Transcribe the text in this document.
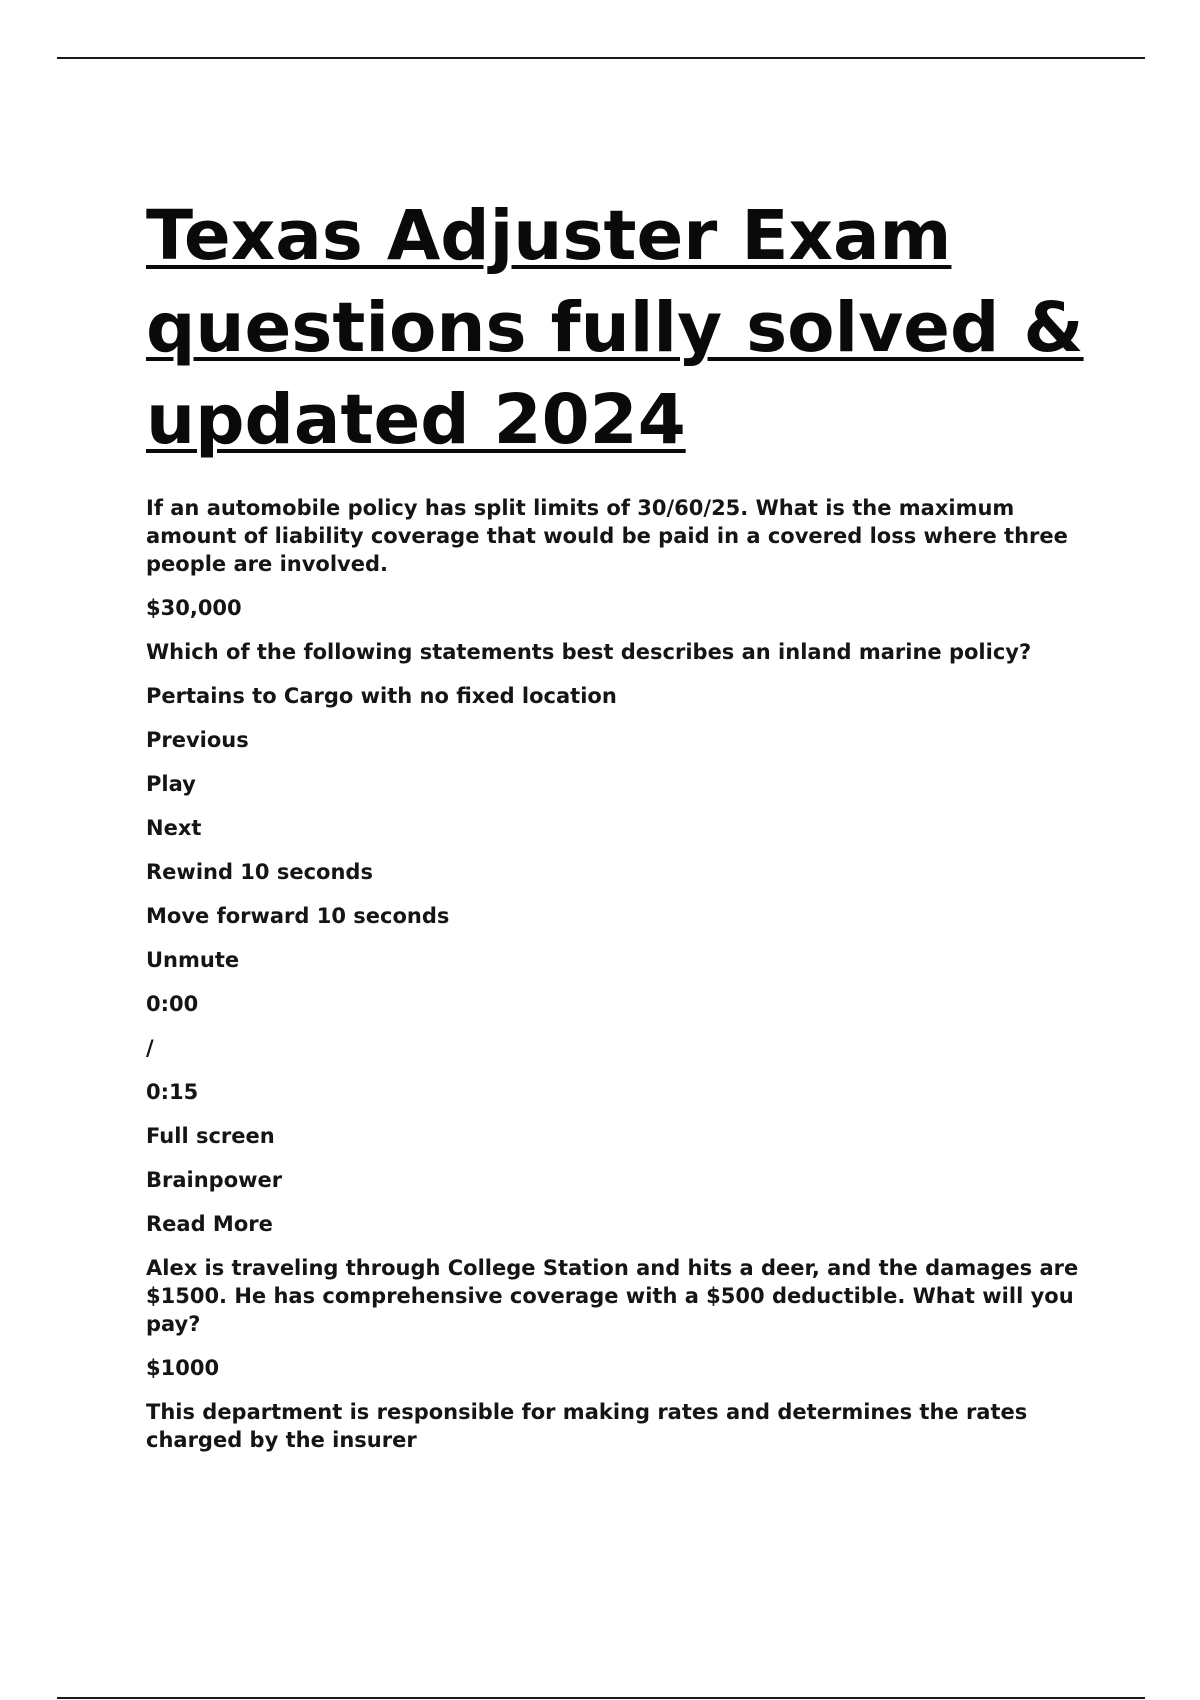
Texas Adjuster Exam questions fully solved & updated 2024

If an automobile policy has split limits of 30/60/25. What is the maximum amount of liability coverage that would be paid in a covered loss where three people are involved.

$30,000

Which of the following statements best describes an inland marine policy?

Pertains to Cargo with no fixed location

Previous

Play

Next

Rewind 10 seconds

Move forward 10 seconds

Unmute

0:00

/

0:15

Full screen

Brainpower

Read More

Alex is traveling through College Station and hits a deer, and the damages are $1500. He has comprehensive coverage with a $500 deductible. What will you pay?

$1000

This department is responsible for making rates and determines the rates charged by the insurer
